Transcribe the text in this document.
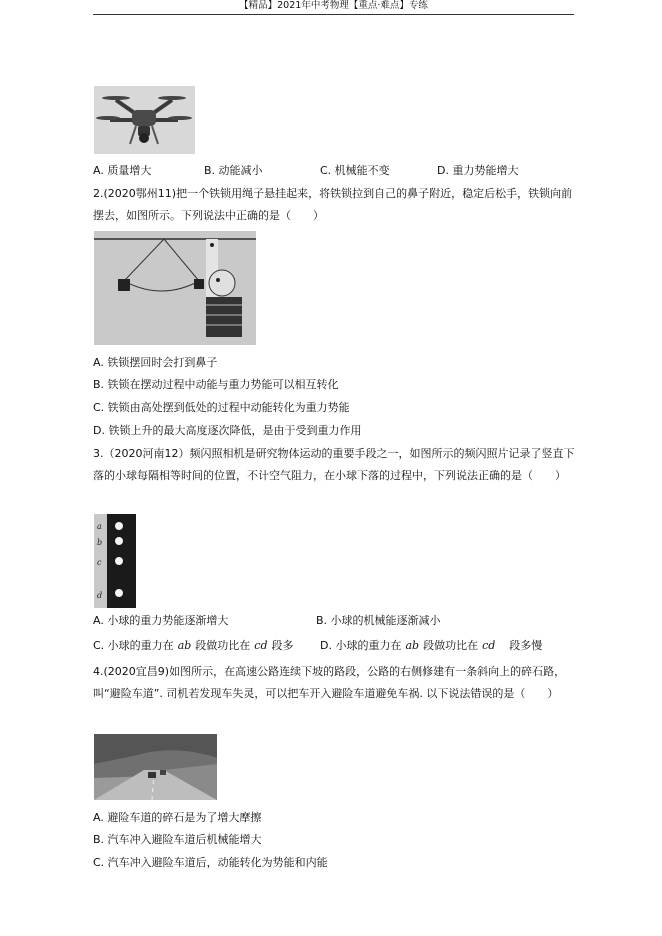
【精品】2021年中考物理【重点·难点】专练
A. 质量增大	B. 动能减小	C. 机械能不变	D. 重力势能增大
2.(2020鄂州11)把一个铁锁用绳子悬挂起来，将铁锁拉到自己的鼻子附近，稳定后松手，铁锁向前摆去，如图所示。下列说法中正确的是（　　）
A. 铁锁摆回时会打到鼻子
B. 铁锁在摆动过程中动能与重力势能可以相互转化
C. 铁锁由高处摆到低处的过程中动能转化为重力势能
D. 铁锁上升的最大高度逐次降低，是由于受到重力作用
3.（2020河南12）频闪照相机是研究物体运动的重要手段之一，如图所示的频闪照片记录了竖直下落的小球每隔相等时间的位置，不计空气阻力，在小球下落的过程中，下列说法正确的是（　　）
a
b
c
d
A. 小球的重力势能逐渐增大	B. 小球的机械能逐渐减小
C. 小球的重力在 ab 段做功比在 cd 段多 D. 小球的重力在 ab 段做功比在 cd 段多慢
4.(2020宜昌9)如图所示，在高速公路连续下坡的路段，公路的右侧修建有一条斜向上的碎石路，叫“避险车道”. 司机若发现车失灵，可以把车开入避险车道避免车祸. 以下说法错误的是（　　）
A. 避险车道的碎石是为了增大摩擦
B. 汽车冲入避险车道后机械能增大
C. 汽车冲入避险车道后，动能转化为势能和内能
